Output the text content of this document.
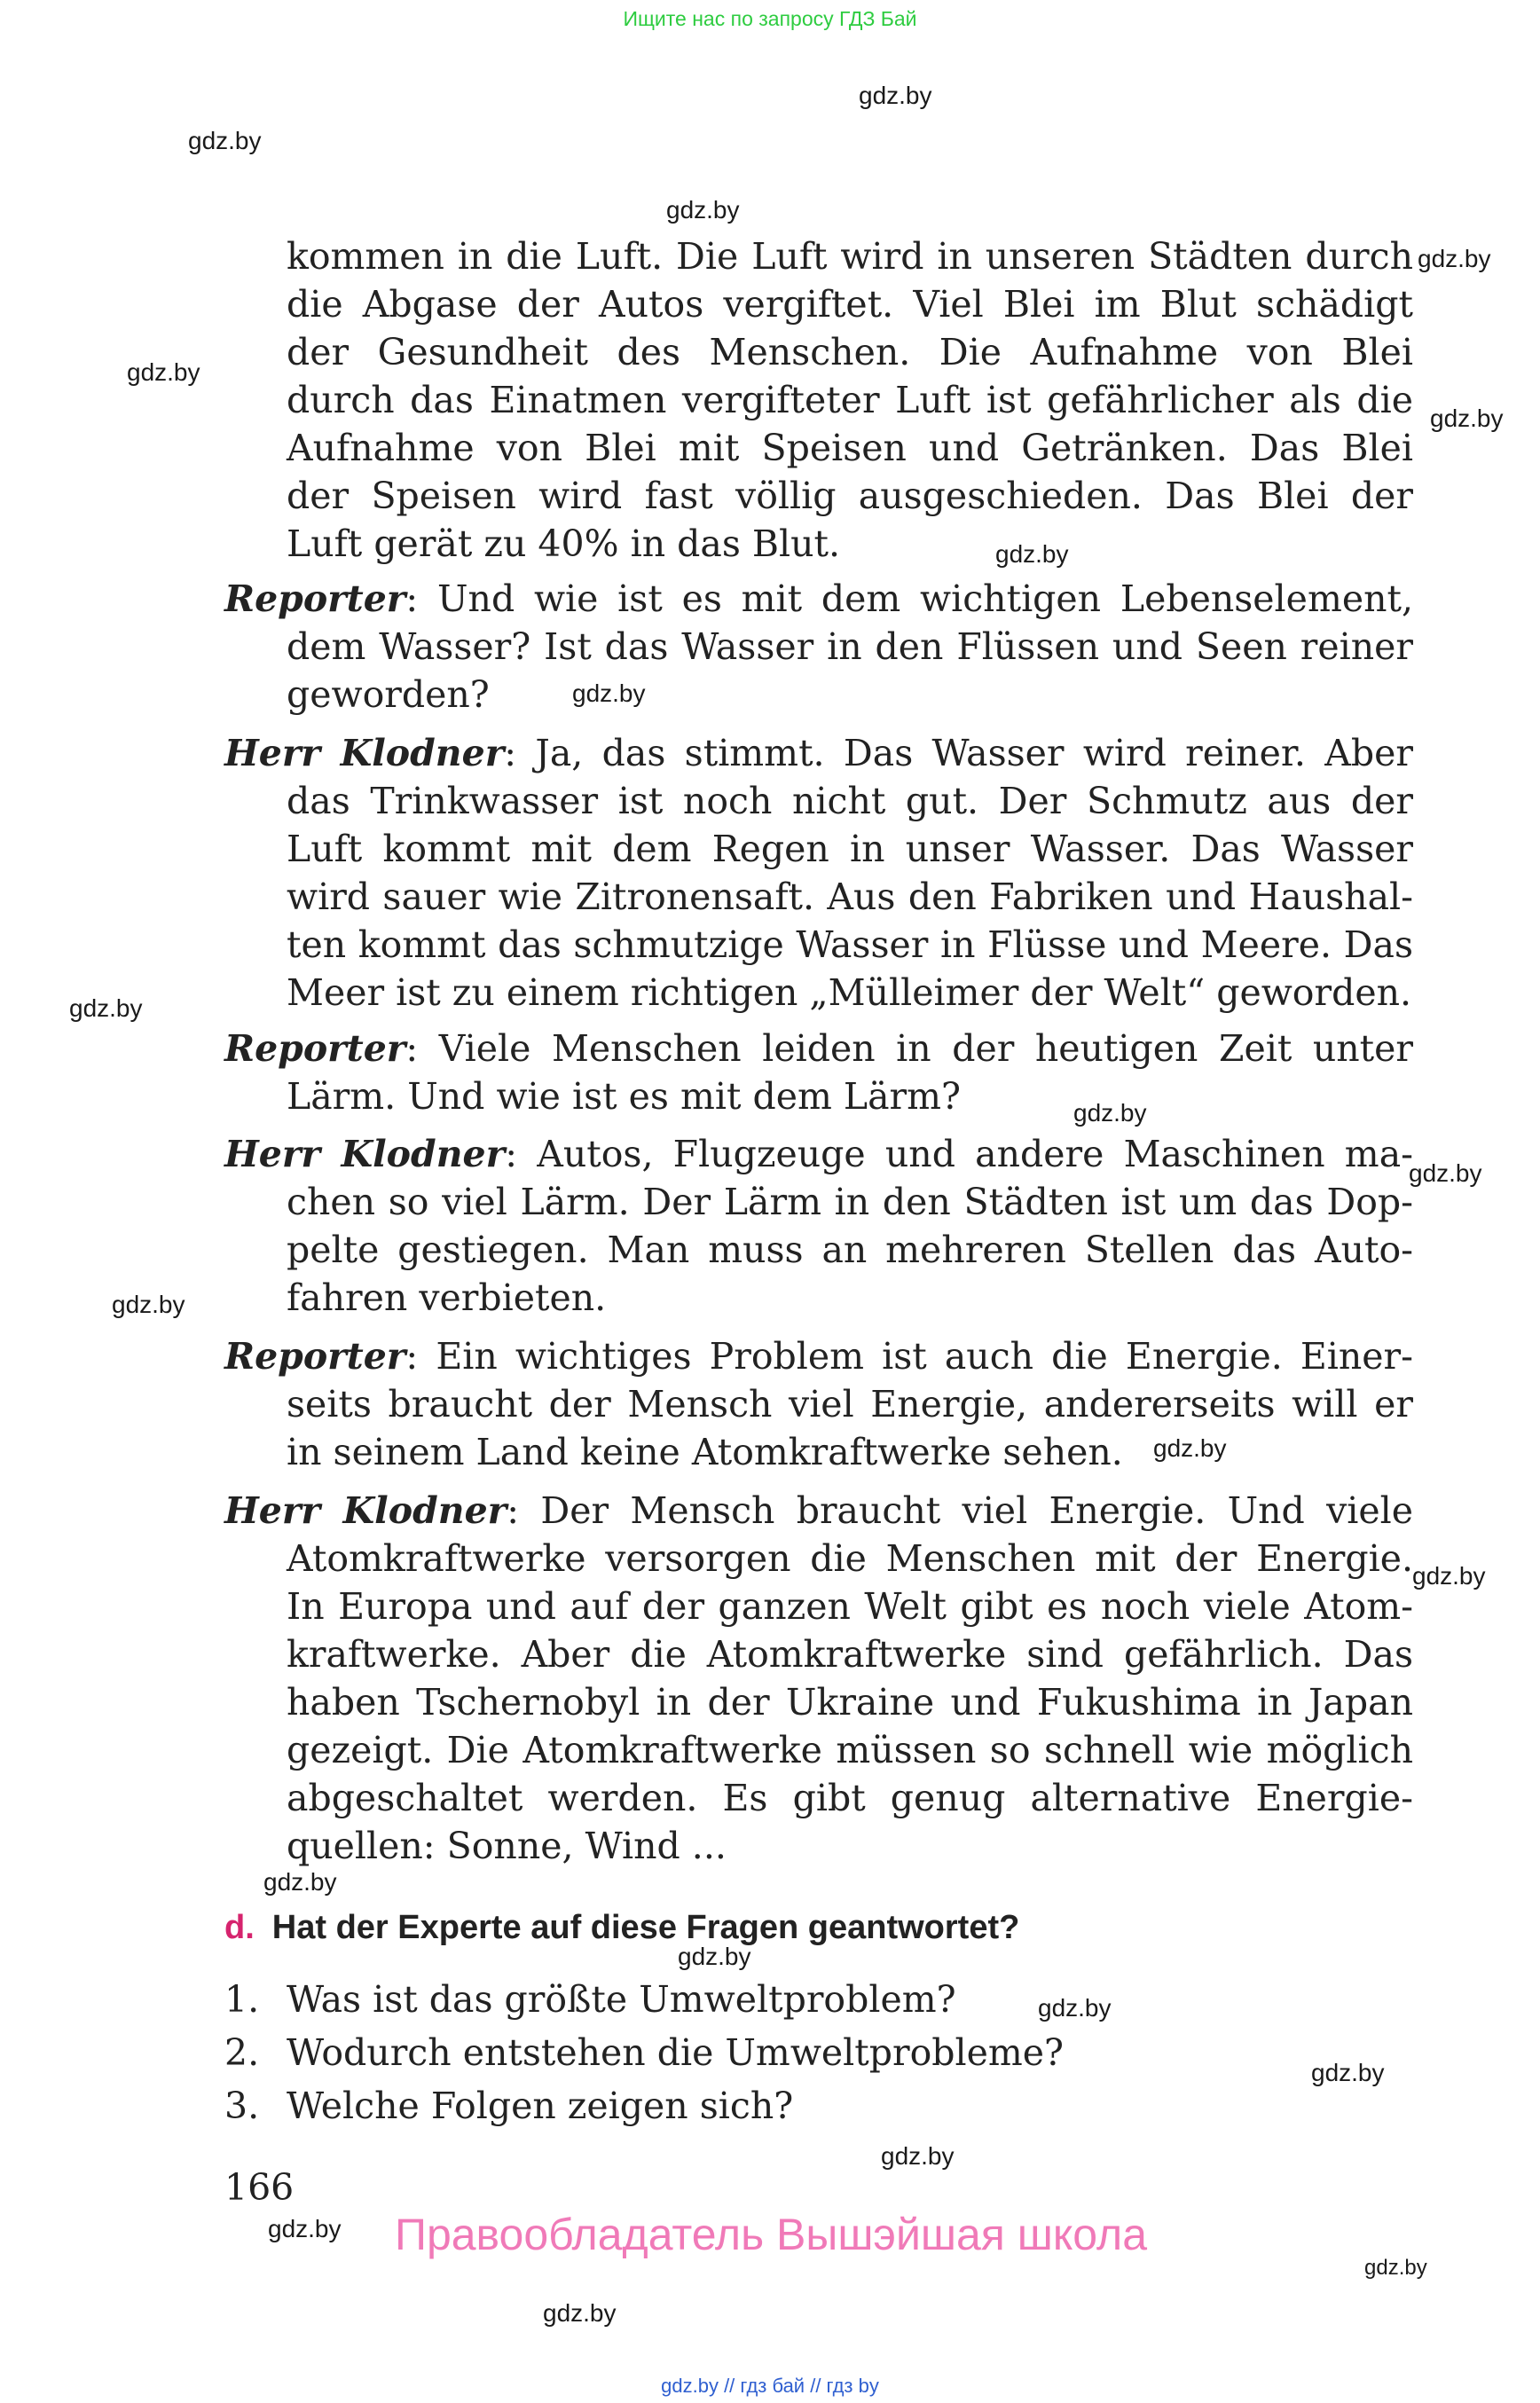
Ищите нас по запросу ГДЗ Бай
gdz.by
gdz.by
gdz.by
gdz.by
gdz.by
gdz.by
gdz.by
gdz.by
gdz.by
gdz.by
gdz.by
gdz.by
gdz.by
gdz.by
gdz.by
gdz.by
gdz.by
gdz.by
gdz.by
gdz.by
gdz.by
gdz.by
kommen in die Luft. Die Luft wird in unseren Städten durch
die Abgase der Autos vergiftet. Viel Blei im Blut schädigt
der Gesundheit des Menschen. Die Aufnahme von Blei
durch das Einatmen vergifteter Luft ist gefährlicher als die
Aufnahme von Blei mit Speisen und Getränken. Das Blei
der Speisen wird fast völlig ausgeschieden. Das Blei der
Luft gerät zu 40% in das Blut.
Reporter: Und wie ist es mit dem wichtigen Lebenselement,
dem Wasser? Ist das Wasser in den Flüssen und Seen reiner
geworden?
Herr Klodner: Ja, das stimmt. Das Wasser wird reiner. Aber
das Trinkwasser ist noch nicht gut. Der Schmutz aus der
Luft kommt mit dem Regen in unser Wasser. Das Wasser
wird sauer wie Zitronensaft. Aus den Fabriken und Haushal-
ten kommt das schmutzige Wasser in Flüsse und Meere. Das
Meer ist zu einem richtigen „Mülleimer der Welt“ geworden.
Reporter: Viele Menschen leiden in der heutigen Zeit unter
Lärm. Und wie ist es mit dem Lärm?
Herr Klodner: Autos, Flugzeuge und andere Maschinen ma-
chen so viel Lärm. Der Lärm in den Städten ist um das Dop-
pelte gestiegen. Man muss an mehreren Stellen das Auto-
fahren verbieten.
Reporter: Ein wichtiges Problem ist auch die Energie. Einer-
seits braucht der Mensch viel Energie, andererseits will er
in seinem Land keine Atomkraftwerke sehen.
Herr Klodner: Der Mensch braucht viel Energie. Und viele
Atomkraftwerke versorgen die Menschen mit der Energie.
In Europa und auf der ganzen Welt gibt es noch viele Atom-
kraftwerke. Aber die Atomkraftwerke sind gefährlich. Das
haben Tschernobyl in der Ukraine und Fukushima in Japan
gezeigt. Die Atomkraftwerke müssen so schnell wie möglich
abgeschaltet werden. Es gibt genug alternative Energie-
quellen: Sonne, Wind ...
d. Hat der Experte auf diese Fragen geantwortet?
1. Was ist das größte Umweltproblem?
2. Wodurch entstehen die Umweltprobleme?
3. Welche Folgen zeigen sich?
166
Правообладатель Вышэйшая школа
gdz.by // гдз бай // гдз by
